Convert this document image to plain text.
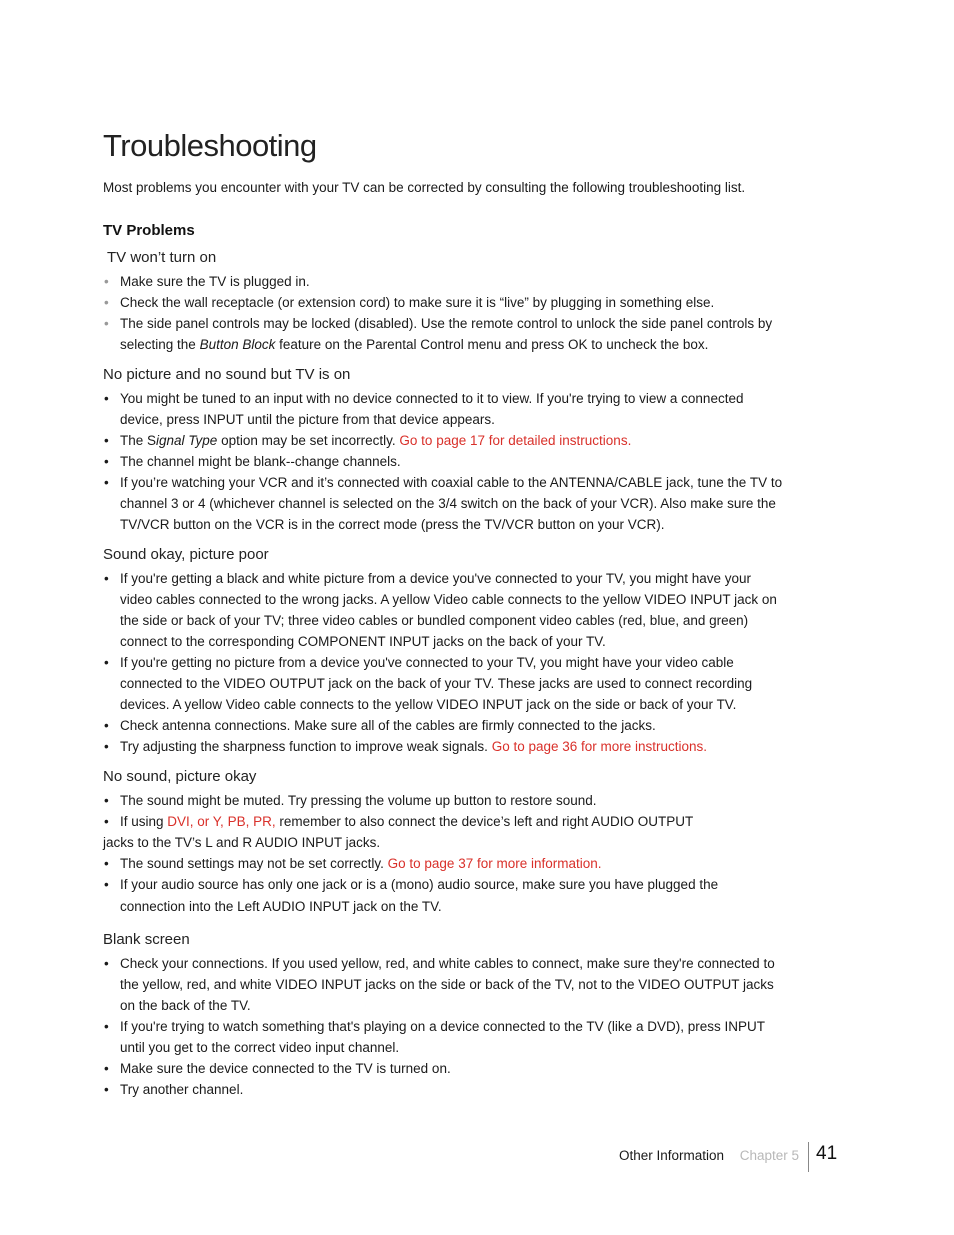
Troubleshooting

Most problems you encounter with your TV can be corrected by consulting the following troubleshooting list.

TV Problems
TV won’t turn on
• Make sure the TV is plugged in.
• Check the wall receptacle (or extension cord) to make sure it is “live” by plugging in something else.
• The side panel controls may be locked (disabled). Use the remote control to unlock the side panel controls by selecting the Button Block feature on the Parental Control menu and press OK to uncheck the box.
No picture and no sound but TV is on
• You might be tuned to an input with no device connected to it to view. If you're trying to view a connected device, press INPUT until the picture from that device appears.
• The Signal Type option may be set incorrectly. Go to page 17 for detailed instructions.
• The channel might be blank--change channels.
• If you’re watching your VCR and it’s connected with coaxial cable to the ANTENNA/CABLE jack, tune the TV to channel 3 or 4 (whichever channel is selected on the 3/4 switch on the back of your VCR). Also make sure the TV/VCR button on the VCR is in the correct mode (press the TV/VCR button on your VCR).
Sound okay, picture poor
• If you're getting a black and white picture from a device you've connected to your TV, you might have your video cables connected to the wrong jacks. A yellow Video cable connects to the yellow VIDEO INPUT jack on the side or back of your TV; three video cables or bundled component video cables (red, blue, and green) connect to the corresponding COMPONENT INPUT jacks on the back of your TV.
• If you're getting no picture from a device you've connected to your TV, you might have your video cable connected to the VIDEO OUTPUT jack on the back of your TV. These jacks are used to connect recording devices. A yellow Video cable connects to the yellow VIDEO INPUT jack on the side or back of your TV.
• Check antenna connections. Make sure all of the cables are firmly connected to the jacks.
• Try adjusting the sharpness function to improve weak signals. Go to page 36 for more instructions.
No sound, picture okay
• The sound might be muted. Try pressing the volume up button to restore sound.
• If using DVI, or Y, PB, PR, remember to also connect the device’s left and right AUDIO OUTPUT
jacks to the TV’s L and R AUDIO INPUT jacks.
• The sound settings may not be set correctly. Go to page 37 for more information.
• If your audio source has only one jack or is a (mono) audio source, make sure you have plugged the connection into the Left AUDIO INPUT jack on the TV.
Blank screen
• Check your connections. If you used yellow, red, and white cables to connect, make sure they're connected to the yellow, red, and white VIDEO INPUT jacks on the side or back of the TV, not to the VIDEO OUTPUT jacks on the back of the TV.
• If you're trying to watch something that's playing on a device connected to the TV (like a DVD), press INPUT until you get to the correct video input channel.
• Make sure the device connected to the TV is turned on.
• Try another channel.
Other Information Chapter 5 41
